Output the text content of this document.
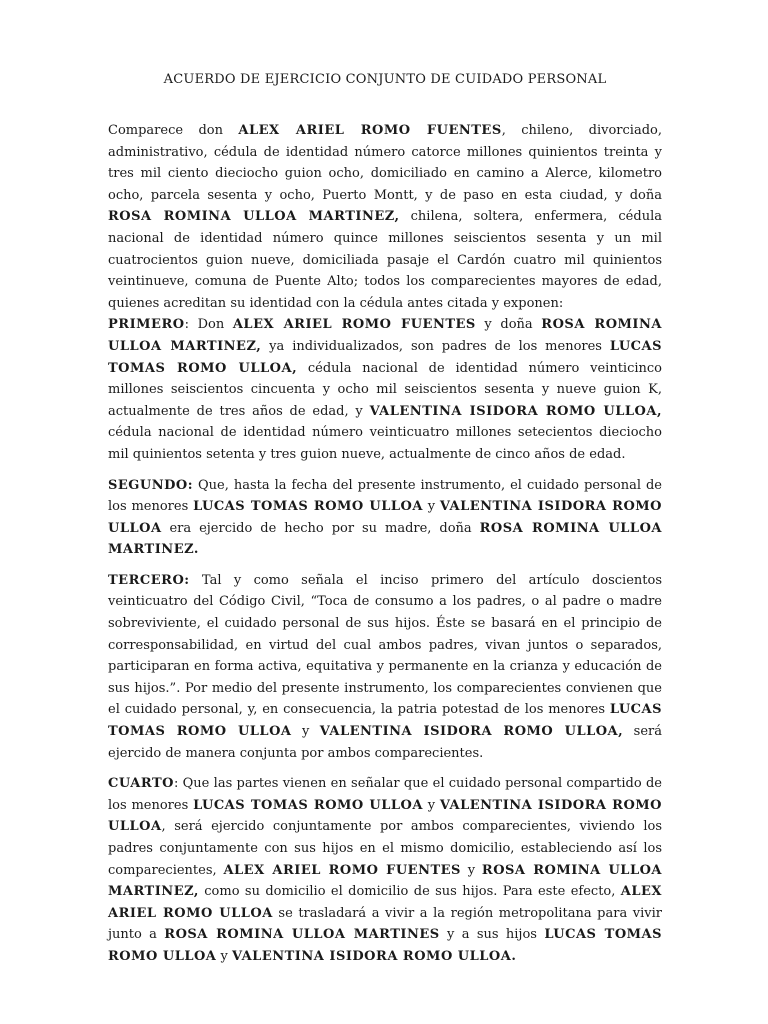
ACUERDO DE EJERCICIO CONJUNTO DE CUIDADO PERSONAL

Comparece don ALEX ARIEL ROMO FUENTES, chileno, divorciado, administrativo, cédula de identidad número catorce millones quinientos treinta y tres mil ciento dieciocho guion ocho, domiciliado en camino a Alerce, kilometro ocho, parcela sesenta y ocho, Puerto Montt, y de paso en esta ciudad, y doña ROSA ROMINA ULLOA MARTINEZ, chilena, soltera, enfermera, cédula nacional de identidad número quince millones seiscientos sesenta y un mil cuatrocientos guion nueve, domiciliada pasaje el Cardón cuatro mil quinientos veintinueve, comuna de Puente Alto; todos los comparecientes mayores de edad, quienes acreditan su identidad con la cédula antes citada y exponen:

PRIMERO: Don ALEX ARIEL ROMO FUENTES y doña ROSA ROMINA ULLOA MARTINEZ, ya individualizados, son padres de los menores LUCAS TOMAS ROMO ULLOA, cédula nacional de identidad número veinticinco millones seiscientos cincuenta y ocho mil seiscientos sesenta y nueve guion K, actualmente de tres años de edad, y VALENTINA ISIDORA ROMO ULLOA, cédula nacional de identidad número veinticuatro millones setecientos dieciocho mil quinientos setenta y tres guion nueve, actualmente de cinco años de edad.

SEGUNDO: Que, hasta la fecha del presente instrumento, el cuidado personal de los menores LUCAS TOMAS ROMO ULLOA y VALENTINA ISIDORA ROMO ULLOA era ejercido de hecho por su madre, doña ROSA ROMINA ULLOA MARTINEZ.

TERCERO: Tal y como señala el inciso primero del artículo doscientos veinticuatro del Código Civil, “Toca de consumo a los padres, o al padre o madre sobreviviente, el cuidado personal de sus hijos. Éste se basará en el principio de corresponsabilidad, en virtud del cual ambos padres, vivan juntos o separados, participaran en forma activa, equitativa y permanente en la crianza y educación de sus hijos.”. Por medio del presente instrumento, los comparecientes convienen que el cuidado personal, y, en consecuencia, la patria potestad de los menores LUCAS TOMAS ROMO ULLOA y VALENTINA ISIDORA ROMO ULLOA, será ejercido de manera conjunta por ambos comparecientes.

CUARTO: Que las partes vienen en señalar que el cuidado personal compartido de los menores LUCAS TOMAS ROMO ULLOA y VALENTINA ISIDORA ROMO ULLOA, será ejercido conjuntamente por ambos comparecientes, viviendo los padres conjuntamente con sus hijos en el mismo domicilio, estableciendo así los comparecientes, ALEX ARIEL ROMO FUENTES y ROSA ROMINA ULLOA MARTINEZ, como su domicilio el domicilio de sus hijos. Para este efecto, ALEX ARIEL ROMO ULLOA se trasladará a vivir a la región metropolitana para vivir junto a ROSA ROMINA ULLOA MARTINES y a sus hijos LUCAS TOMAS ROMO ULLOA y VALENTINA ISIDORA ROMO ULLOA.
